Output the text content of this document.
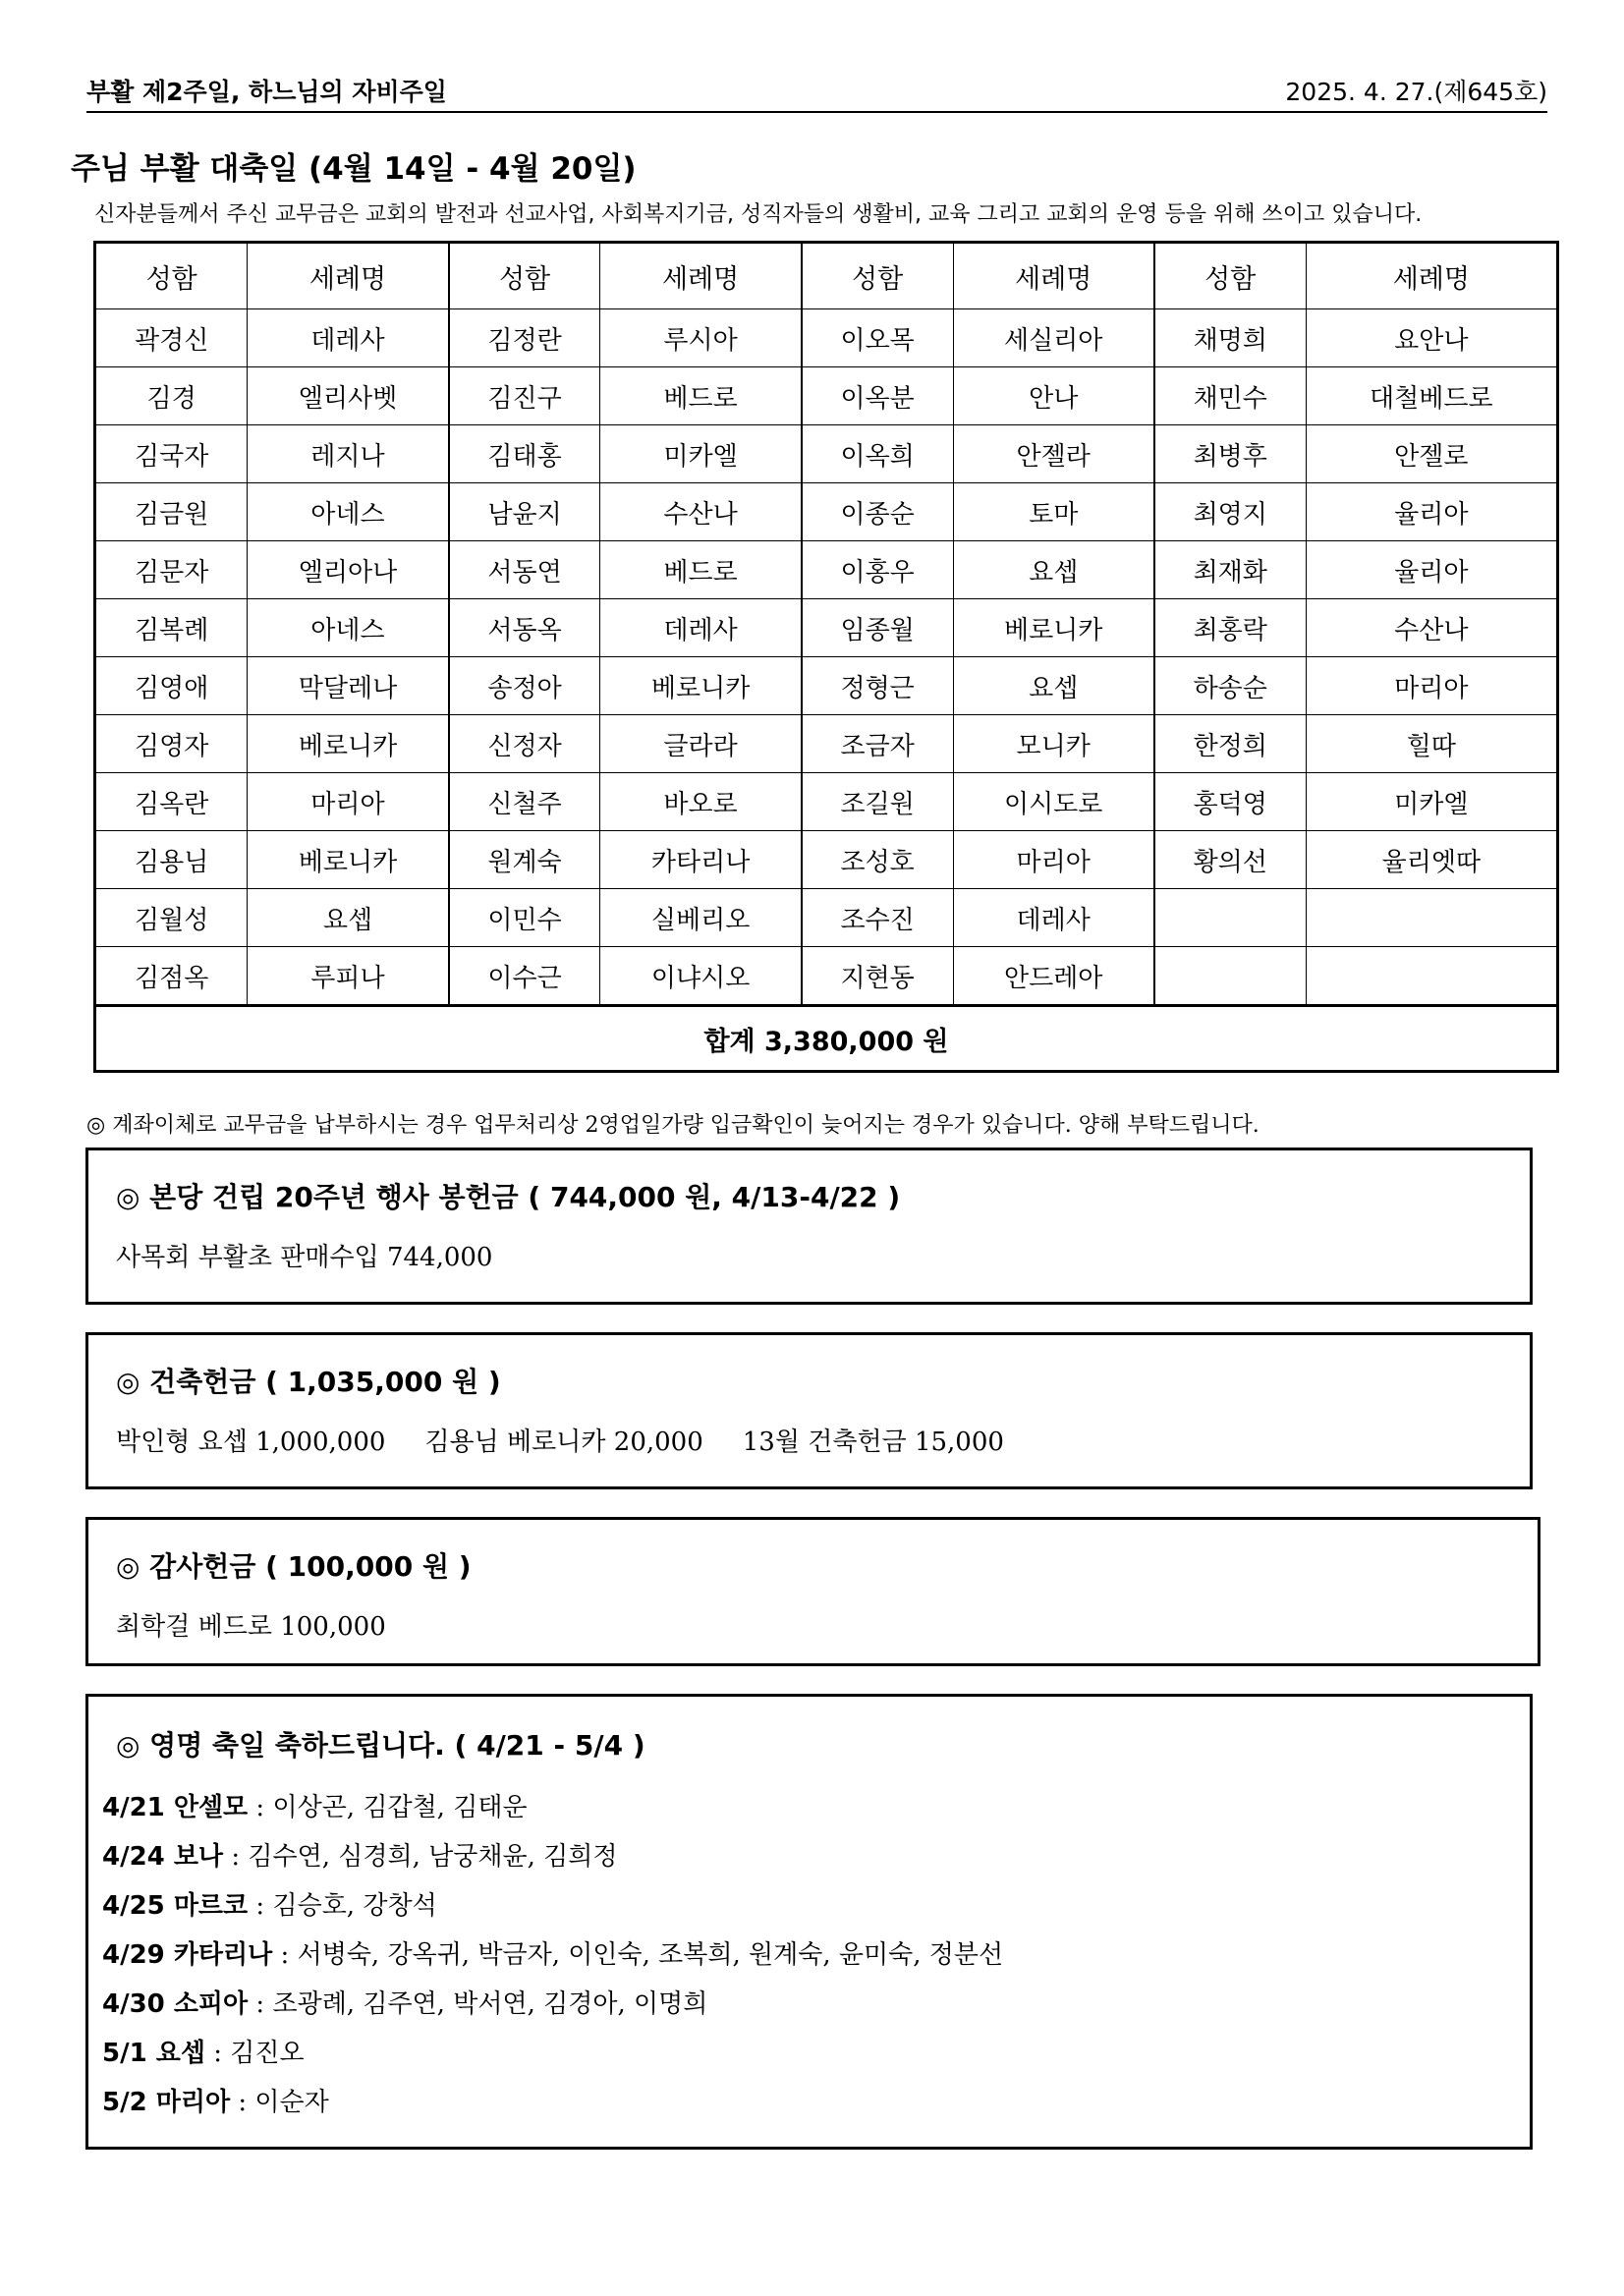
부활 제2주일, 하느님의 자비주일	2025. 4. 27.(제645호)
주님 부활 대축일 (4월 14일 - 4월 20일)
신자분들께서 주신 교무금은 교회의 발전과 선교사업, 사회복지기금, 성직자들의 생활비, 교육 그리고 교회의 운영 등을 위해 쓰이고 있습니다.
성함	세례명	성함	세례명	성함	세례명	성함	세례명
곽경신	데레사	김정란	루시아	이오목	세실리아	채명희	요안나
김경	엘리사벳	김진구	베드로	이옥분	안나	채민수	대철베드로
김국자	레지나	김태홍	미카엘	이옥희	안젤라	최병후	안젤로
김금원	아네스	남윤지	수산나	이종순	토마	최영지	율리아
김문자	엘리아나	서동연	베드로	이홍우	요셉	최재화	율리아
김복례	아네스	서동옥	데레사	임종월	베로니카	최홍락	수산나
김영애	막달레나	송정아	베로니카	정형근	요셉	하송순	마리아
김영자	베로니카	신정자	글라라	조금자	모니카	한정희	힐따
김옥란	마리아	신철주	바오로	조길원	이시도로	홍덕영	미카엘
김용님	베로니카	원계숙	카타리나	조성호	마리아	황의선	율리엣따
김월성	요셉	이민수	실베리오	조수진	데레사		
김점옥	루피나	이수근	이냐시오	지현동	안드레아		
합계 3,380,000 원							
◎ 계좌이체로 교무금을 납부하시는 경우 업무처리상 2영업일가량 입금확인이 늦어지는 경우가 있습니다. 양해 부탁드립니다.
◎ 본당 건립 20주년 행사 봉헌금 ( 744,000 원, 4/13-4/22 )
사목회 부활초 판매수입 744,000
◎ 건축헌금 ( 1,035,000 원 )
박인형 요셉 1,000,000 김용님 베로니카 20,000 13월 건축헌금 15,000
◎ 감사헌금 ( 100,000 원 )
최학걸 베드로 100,000
◎ 영명 축일 축하드립니다. ( 4/21 - 5/4 )
4/21 안셀모 : 이상곤, 김갑철, 김태운
4/24 보나 : 김수연, 심경희, 남궁채윤, 김희정
4/25 마르코 : 김승호, 강창석
4/29 카타리나 : 서병숙, 강옥귀, 박금자, 이인숙, 조복희, 원계숙, 윤미숙, 정분선
4/30 소피아 : 조광례, 김주연, 박서연, 김경아, 이명희
5/1 요셉 : 김진오
5/2 마리아 : 이순자
